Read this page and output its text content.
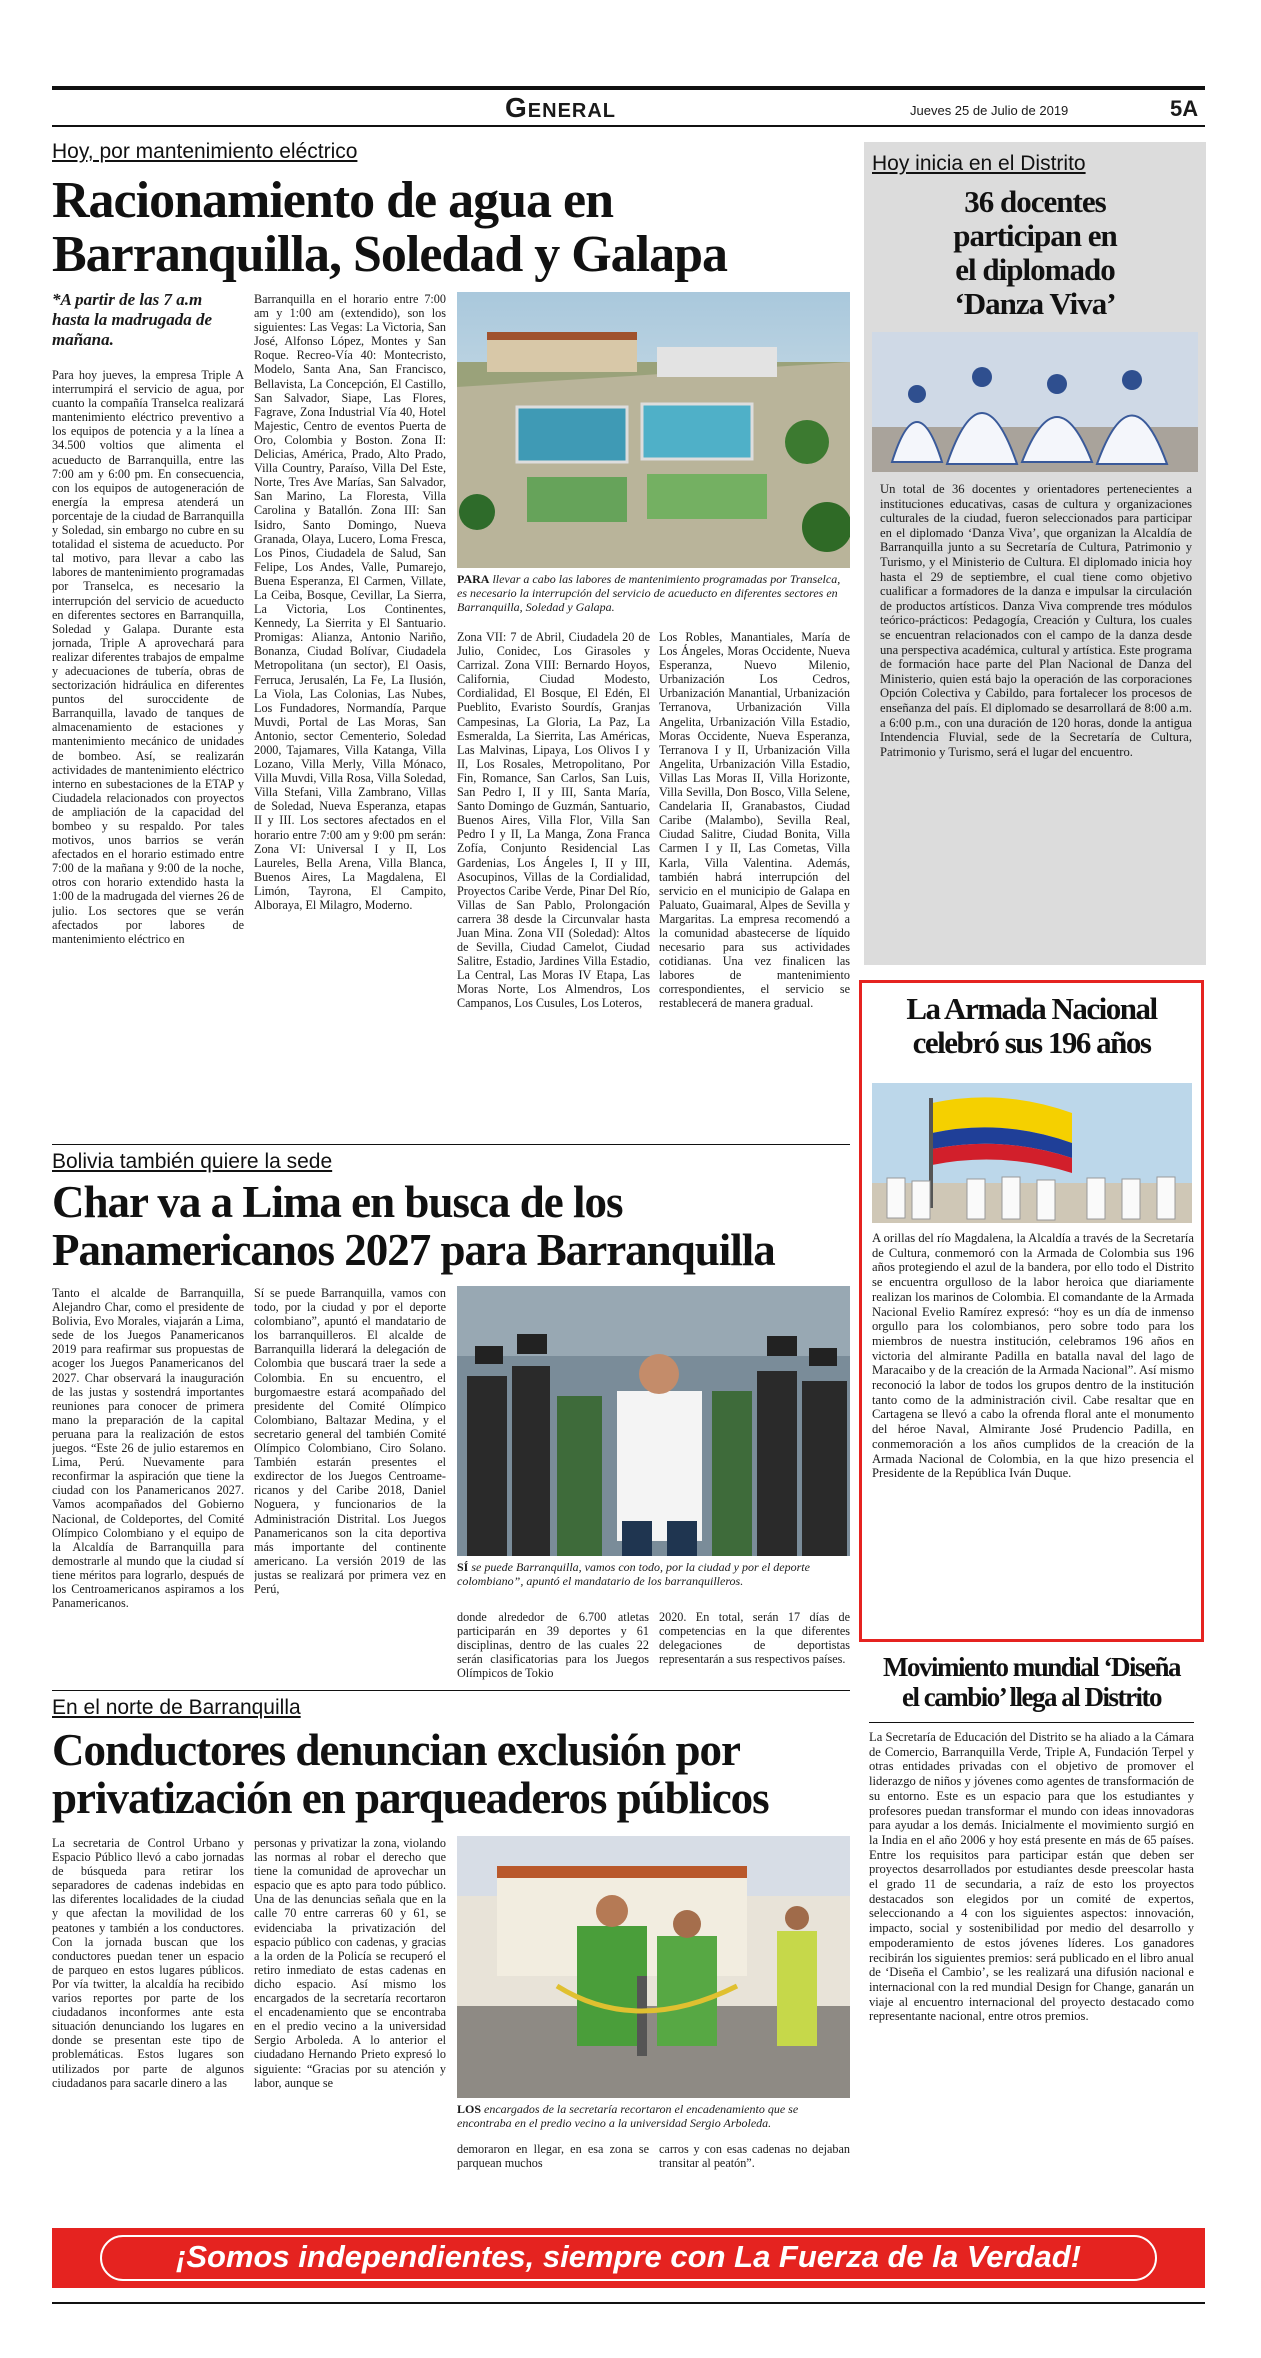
General	Jueves 25 de Julio de 2019	5A
Hoy, por mantenimiento eléctrico
Racionamiento de agua en
Barranquilla, Soledad y Galapa
*A partir de las 7 a.m hasta la madrugada de mañana.
Para hoy jueves, la empresa Triple A interrumpirá el servicio de agua, por cuanto la compañía Transelca realizará mantenimiento eléctrico preventivo a los equipos de potencia y a la línea a 34.500 voltios que alimenta el acueducto de Barranquilla, entre las 7:00 am y 6:00 pm. En consecuencia, con los equipos de autogeneración de energía la empresa atenderá un porcentaje de la ciudad de Barranquilla y Soledad, sin embargo no cubre en su totalidad el sistema de acueducto. Por tal motivo, para llevar a cabo las labores de mantenimiento programadas por Transelca, es necesario la interrupción del servicio de acueducto en diferentes sectores en Barranquilla, Soledad y Galapa. Durante esta jornada, Triple A aprovechará para realizar diferentes trabajos de empalme y adecuaciones de tubería, obras de sectorización hidráulica en diferentes puntos del suroccidente de Barranquilla, lavado de tanques de almacenamiento de estaciones y mantenimiento mecánico de unidades de bombeo. Así, se realizarán actividades de mantenimiento eléctrico interno en subestaciones de la ETAP y Ciudadela relacionados con proyectos de ampliación de la capacidad del bombeo y su respaldo. Por tales motivos, unos barrios se verán afectados en el horario estimado entre 7:00 de la mañana y 9:00 de la noche, otros con horario extendido hasta la 1:00 de la madrugada del viernes 26 de julio. Los sectores que se verán afectados por labores de mantenimiento eléctrico en
PARA llevar a cabo las labores de mantenimiento programadas por Transelca, es necesario la interrupción del servicio de acueducto en diferentes sectores en Barranquilla, Soledad y Galapa.
Barranquilla en el horario entre 7:00 am y 1:00 am (extendido), son los siguientes: Las Vegas: La Victoria, San José, Alfonso López, Montes y San Roque. Recreo-Vía 40: Montecristo, Modelo, Santa Ana, San Francisco, Bellavista, La Concepción, El Castillo, San Salvador, Siape, Las Flores, Fagrave, Zona Industrial Vía 40, Hotel Majestic, Centro de eventos Puerta de Oro, Colombia y Boston. Zona II: Delicias, América, Prado, Alto Prado, Villa Country, Paraíso, Villa Del Este, Norte, Tres Ave Marías, San Salvador, San Marino, La Floresta, Villa Carolina y Batallón. Zona III: San Isidro, Santo Domingo, Nueva Granada, Olaya, Lucero, Loma Fresca, Los Pinos, Ciudadela de Salud, San Felipe, Los Andes, Valle, Pumarejo, Buena Esperanza, El Carmen, Villate, La Ceiba, Bosque, Cevillar, La Sierra, La Victoria, Los Continentes, Kennedy, La Sierrita y El Santuario. Promigas: Alianza, Antonio Nariño, Bonanza, Ciudad Bolívar, Ciudadela Metropolitana (un sector), El Oasis, Ferruca, Jerusalén, La Fe, La Ilusión, La Viola, Las Colonias, Las Nubes, Los Fundadores, Normandía, Parque Muvdi, Portal de Las Moras, San Antonio, sector Cementerio, Soledad 2000, Tajamares, Villa Katanga, Villa Lozano, Villa Merly, Villa Mónaco, Villa Muvdi, Villa Rosa, Villa Soledad, Villa Stefani, Villa Zambrano, Villas de Soledad, Nueva Esperanza, etapas II y III. Los sectores afectados en el horario entre 7:00 am y 9:00 pm serán: Zona VI: Universal I y II, Los Laureles, Bella Arena, Villa Blanca, Buenos Aires, La Magdalena, El Limón, Tayrona, El Campito, Alboraya, El Milagro, Moderno.
Zona VII: 7 de Abril, Ciudadela 20 de Julio, Conidec, Los Girasoles y Carrizal. Zona VIII: Bernardo Hoyos, California, Ciudad Modesto, Cordialidad, El Bosque, El Edén, El Pueblito, Evaristo Sourdís, Granjas Campesinas, La Gloria, La Paz, La Esmeralda, La Sierrita, Las Américas, Las Malvinas, Lipaya, Los Olivos I y II, Los Rosales, Metropolitano, Por Fin, Romance, San Carlos, San Luis, San Pedro I, II y III, Santa María, Santo Domingo de Guzmán, Santuario, Buenos Aires, Villa Flor, Villa San Pedro I y II, La Manga, Zona Franca Zofía, Conjunto Residencial Las Gardenias, Los Ángeles I, II y III, Asocupinos, Villas de la Cordialidad, Proyectos Caribe Verde, Pinar Del Río, Villas de San Pablo, Prolongación carrera 38 desde la Circunvalar hasta Juan Mina. Zona VII (Soledad): Altos de Sevilla, Ciudad Camelot, Ciudad Salitre, Estadio, Jardines Villa Estadio, La Central, Las Moras IV Etapa, Las Moras Norte, Los Almendros, Los Campanos, Los Cusules, Los Loteros,
Los Robles, Manantiales, María de Los Ángeles, Moras Occidente, Nueva Esperanza, Nuevo Milenio, Urbanización Los Cedros, Urbanización Manantial, Urbanización Terranova, Urbanización Villa Angelita, Urbanización Villa Estadio, Moras Occidente, Nueva Esperanza, Terranova I y II, Urbanización Villa Angelita, Urbanización Villa Estadio, Villas Las Moras II, Villa Horizonte, Villa Sevilla, Don Bosco, Villa Selene, Candelaria II, Granabastos, Ciudad Caribe (Malambo), Sevilla Real, Ciudad Salitre, Ciudad Bonita, Villa Carmen I y II, Las Cometas, Villa Karla, Villa Valentina. Además, también habrá interrupción del servicio en el municipio de Galapa en Paluato, Guaimaral, Alpes de Sevilla y Margaritas. La empresa recomendó a la comunidad abastecerse de líquido necesario para sus actividades cotidianas. Una vez finalicen las labores de mantenimiento correspondientes, el servicio se restablecerá de manera gradual.
Hoy inicia en el Distrito
36 docentes
participan en
el diplomado
‘Danza Viva’
Un total de 36 docentes y orientadores pertenecientes a instituciones educativas, casas de cultura y organizaciones culturales de la ciudad, fueron seleccionados para participar en el diplomado ‘Danza Viva’, que organizan la Alcaldía de Barranquilla junto a su Secretaría de Cultura, Patrimonio y Turismo, y el Ministerio de Cultura. El diplomado inicia hoy hasta el 29 de septiembre, el cual tiene como objetivo cualificar a formadores de la danza e impulsar la circulación de productos artísticos. Danza Viva comprende tres módulos teórico-prácticos: Pedagogía, Creación y Cultura, los cuales se encuentran relacionados con el campo de la danza desde una perspectiva académica, cultural y artística. Este programa de formación hace parte del Plan Nacional de Danza del Ministerio, quien está bajo la operación de las corporaciones Opción Colectiva y Cabildo, para fortalecer los procesos de enseñanza del país. El diplomado se desarrollará de 8:00 a.m. a 6:00 p.m., con una duración de 120 horas, donde la antigua Intendencia Fluvial, sede de la Secretaría de Cultura, Patrimonio y Turismo, será el lugar del encuentro.
La Armada Nacional
celebró sus 196 años
A orillas del río Magdalena, la Alcaldía a través de la Secretaría de Cultura, conmemoró con la Armada de Colombia sus 196 años protegiendo el azul de la bandera, por ello todo el Distrito se encuentra orgulloso de la labor heroica que diariamente realizan los marinos de Colombia. El comandante de la Armada Nacional Evelio Ramírez expresó: “hoy es un día de inmenso orgullo para los colombianos, pero sobre todo para los miembros de nuestra institución, celebramos 196 años en victoria del almirante Padilla en batalla naval del lago de Maracaibo y de la creación de la Armada Nacional”. Así mismo reconoció la labor de todos los grupos dentro de la institución tanto como de la administración civil. Cabe resaltar que en Cartagena se llevó a cabo la ofrenda floral ante el monumento del héroe Naval, Almirante José Prudencio Padilla, en conmemoración a los años cumplidos de la creación de la Armada Nacional de Colombia, en la que hizo presencia el Presidente de la República Iván Duque.
Movimiento mundial ‘Diseña
el cambio’ llega al Distrito
La Secretaría de Educación del Distrito se ha aliado a la Cámara de Comercio, Barranquilla Verde, Triple A, Fundación Terpel y otras entidades privadas con el objetivo de promover el liderazgo de niños y jóvenes como agentes de transformación de su entorno. Este es un espacio para que los estudiantes y profesores puedan transformar el mundo con ideas innovadoras para ayudar a los demás. Inicialmente el movimiento surgió en la India en el año 2006 y hoy está presente en más de 65 países. Entre los requisitos para participar están que deben ser proyectos desarrollados por estudiantes desde preescolar hasta el grado 11 de secundaria, a raíz de esto los proyectos destacados son elegidos por un comité de expertos, seleccionando a 4 con los siguientes aspectos: innovación, impacto, social y sostenibilidad por medio del desarrollo y empoderamiento de estos jóvenes líderes. Los ganadores recibirán los siguientes premios: será publicado en el libro anual de ‘Diseña el Cambio’, se les realizará una difusión nacional e internacional con la red mundial Design for Change, ganarán un viaje al encuentro internacional del proyecto destacado como representante nacional, entre otros premios.
Bolivia también quiere la sede
Char va a Lima en busca de los
Panamericanos 2027 para Barranquilla
Tanto el alcalde de Barranquilla, Alejandro Char, como el presidente de Bolivia, Evo Morales, viajarán a Lima, sede de los Juegos Panamericanos 2019 para reafirmar sus propuestas de acoger los Juegos Panamericanos del 2027. Char observará la inauguración de las justas y sostendrá importantes reuniones para conocer de primera mano la preparación de la capital peruana para la realización de estos juegos. “Este 26 de julio estaremos en Lima, Perú. Nuevamente para reconfirmar la aspiración que tiene la ciudad con los Panamericanos 2027. Vamos acompañados del Gobierno Nacional, de Coldeportes, del Comité Olímpico Colombiano y el equipo de la Alcaldía de Barranquilla para demostrarle al mundo que la ciudad sí tiene méritos para lograrlo, después de los Centroamericanos aspiramos a los Panamericanos.
Sí se puede Barranquilla, vamos con todo, por la ciudad y por el deporte colombiano”, apuntó el mandatario de los barranquilleros. El alcalde de Barranquilla liderará la delegación de Colombia que buscará traer la sede a Colombia. En su encuentro, el burgomaestre estará acompañado del presidente del Comité Olímpico Colombiano, Baltazar Medina, y el secretario general del también Comité Olímpico Colombiano, Ciro Solano. También estarán presentes el exdirector de los Juegos Centroame-ricanos y del Caribe 2018, Daniel Noguera, y funcionarios de la Administración Distrital. Los Juegos Panamericanos son la cita deportiva más importante del continente americano. La versión 2019 de las justas se realizará por primera vez en Perú,
SÍ se puede Barranquilla, vamos con todo, por la ciudad y por el deporte colombiano”, apuntó el mandatario de los barranquilleros.
donde alrededor de 6.700 atletas participarán en 39 deportes y 61 disciplinas, dentro de las cuales 22 serán clasificatorias para los Juegos Olímpicos de Tokio
2020. En total, serán 17 días de competencias en la que diferentes delegaciones de deportistas representarán a sus respectivos países.
En el norte de Barranquilla
Conductores denuncian exclusión por
privatización en parqueaderos públicos
La secretaria de Control Urbano y Espacio Público llevó a cabo jornadas de búsqueda para retirar los separadores de cadenas indebidas en las diferentes localidades de la ciudad y que afectan la movilidad de los peatones y también a los conductores. Con la jornada buscan que los conductores puedan tener un espacio de parqueo en estos lugares públicos. Por vía twitter, la alcaldía ha recibido varios reportes por parte de los ciudadanos inconformes ante esta situación denunciando los lugares en donde se presentan este tipo de problemáticas. Estos lugares son utilizados por parte de algunos ciudadanos para sacarle dinero a las
personas y privatizar la zona, violando las normas al robar el derecho que tiene la comunidad de aprovechar un espacio que es apto para todo público. Una de las denuncias señala que en la calle 70 entre carreras 60 y 61, se evidenciaba la privatización del espacio público con cadenas, y gracias a la orden de la Policía se recuperó el retiro inmediato de estas cadenas en dicho espacio. Así mismo los encargados de la secretaría recortaron el encadenamiento que se encontraba en el predio vecino a la universidad Sergio Arboleda. A lo anterior el ciudadano Hernando Prieto expresó lo siguiente: “Gracias por su atención y labor, aunque se
LOS encargados de la secretaría recortaron el encadenamiento que se encontraba en el predio vecino a la universidad Sergio Arboleda.
demoraron en llegar, en esa zona se parquean muchos
carros y con esas cadenas no dejaban transitar al peatón”.
¡Somos independientes, siempre con La Fuerza de la Verdad!
